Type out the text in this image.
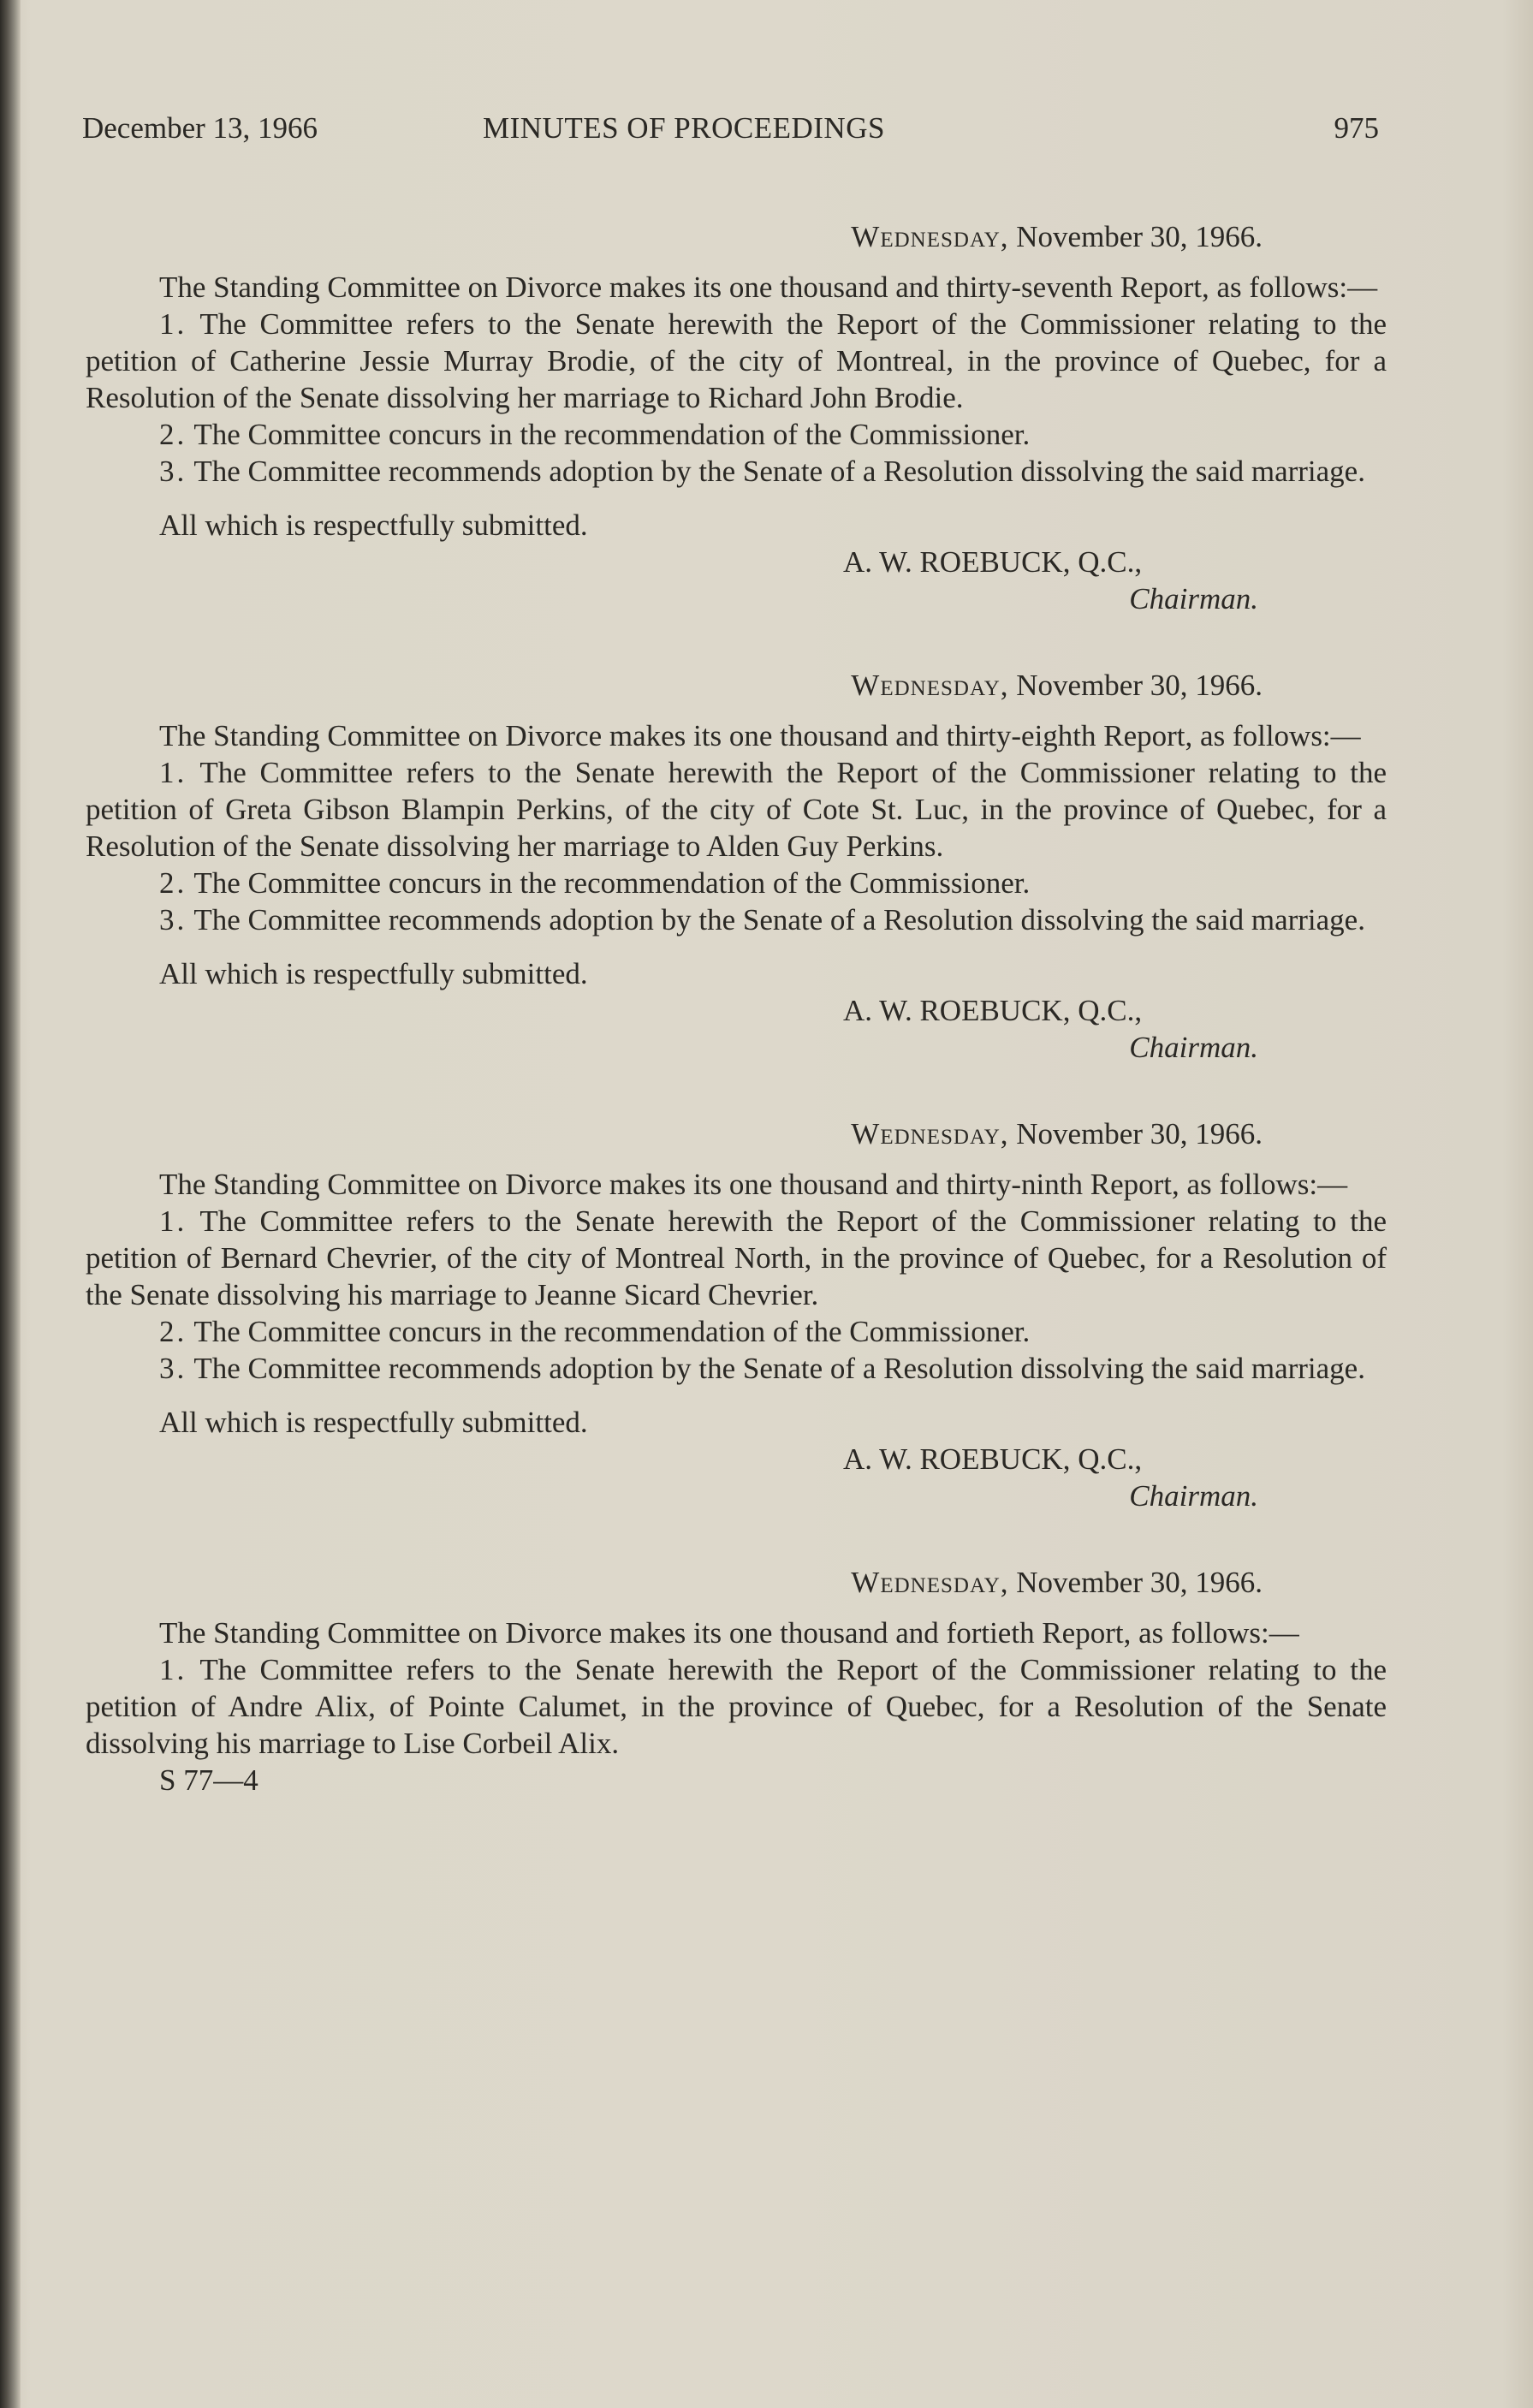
December 13, 1966	MINUTES OF PROCEEDINGS	975
Wednesday, November 30, 1966.

The Standing Committee on Divorce makes its one thousand and thirty-seventh Report, as follows:—

1. The Committee refers to the Senate herewith the Report of the Commissioner relating to the petition of Catherine Jessie Murray Brodie, of the city of Montreal, in the province of Quebec, for a Resolution of the Senate dissolving her marriage to Richard John Brodie.

2. The Committee concurs in the recommendation of the Commissioner.

3. The Committee recommends adoption by the Senate of a Resolution dissolving the said marriage.

All which is respectfully submitted.

A. W. ROEBUCK, Q.C.,
Chairman.
Wednesday, November 30, 1966.

The Standing Committee on Divorce makes its one thousand and thirty-eighth Report, as follows:—

1. The Committee refers to the Senate herewith the Report of the Commissioner relating to the petition of Greta Gibson Blampin Perkins, of the city of Cote St. Luc, in the province of Quebec, for a Resolution of the Senate dissolving her marriage to Alden Guy Perkins.

2. The Committee concurs in the recommendation of the Commissioner.

3. The Committee recommends adoption by the Senate of a Resolution dissolving the said marriage.

All which is respectfully submitted.

A. W. ROEBUCK, Q.C.,
Chairman.
Wednesday, November 30, 1966.

The Standing Committee on Divorce makes its one thousand and thirty-ninth Report, as follows:—

1. The Committee refers to the Senate herewith the Report of the Commissioner relating to the petition of Bernard Chevrier, of the city of Montreal North, in the province of Quebec, for a Resolution of the Senate dissolving his marriage to Jeanne Sicard Chevrier.

2. The Committee concurs in the recommendation of the Commissioner.

3. The Committee recommends adoption by the Senate of a Resolution dissolving the said marriage.

All which is respectfully submitted.

A. W. ROEBUCK, Q.C.,
Chairman.
Wednesday, November 30, 1966.

The Standing Committee on Divorce makes its one thousand and fortieth Report, as follows:—

1. The Committee refers to the Senate herewith the Report of the Commissioner relating to the petition of Andre Alix, of Pointe Calumet, in the province of Quebec, for a Resolution of the Senate dissolving his marriage to Lise Corbeil Alix.

S 77—4
